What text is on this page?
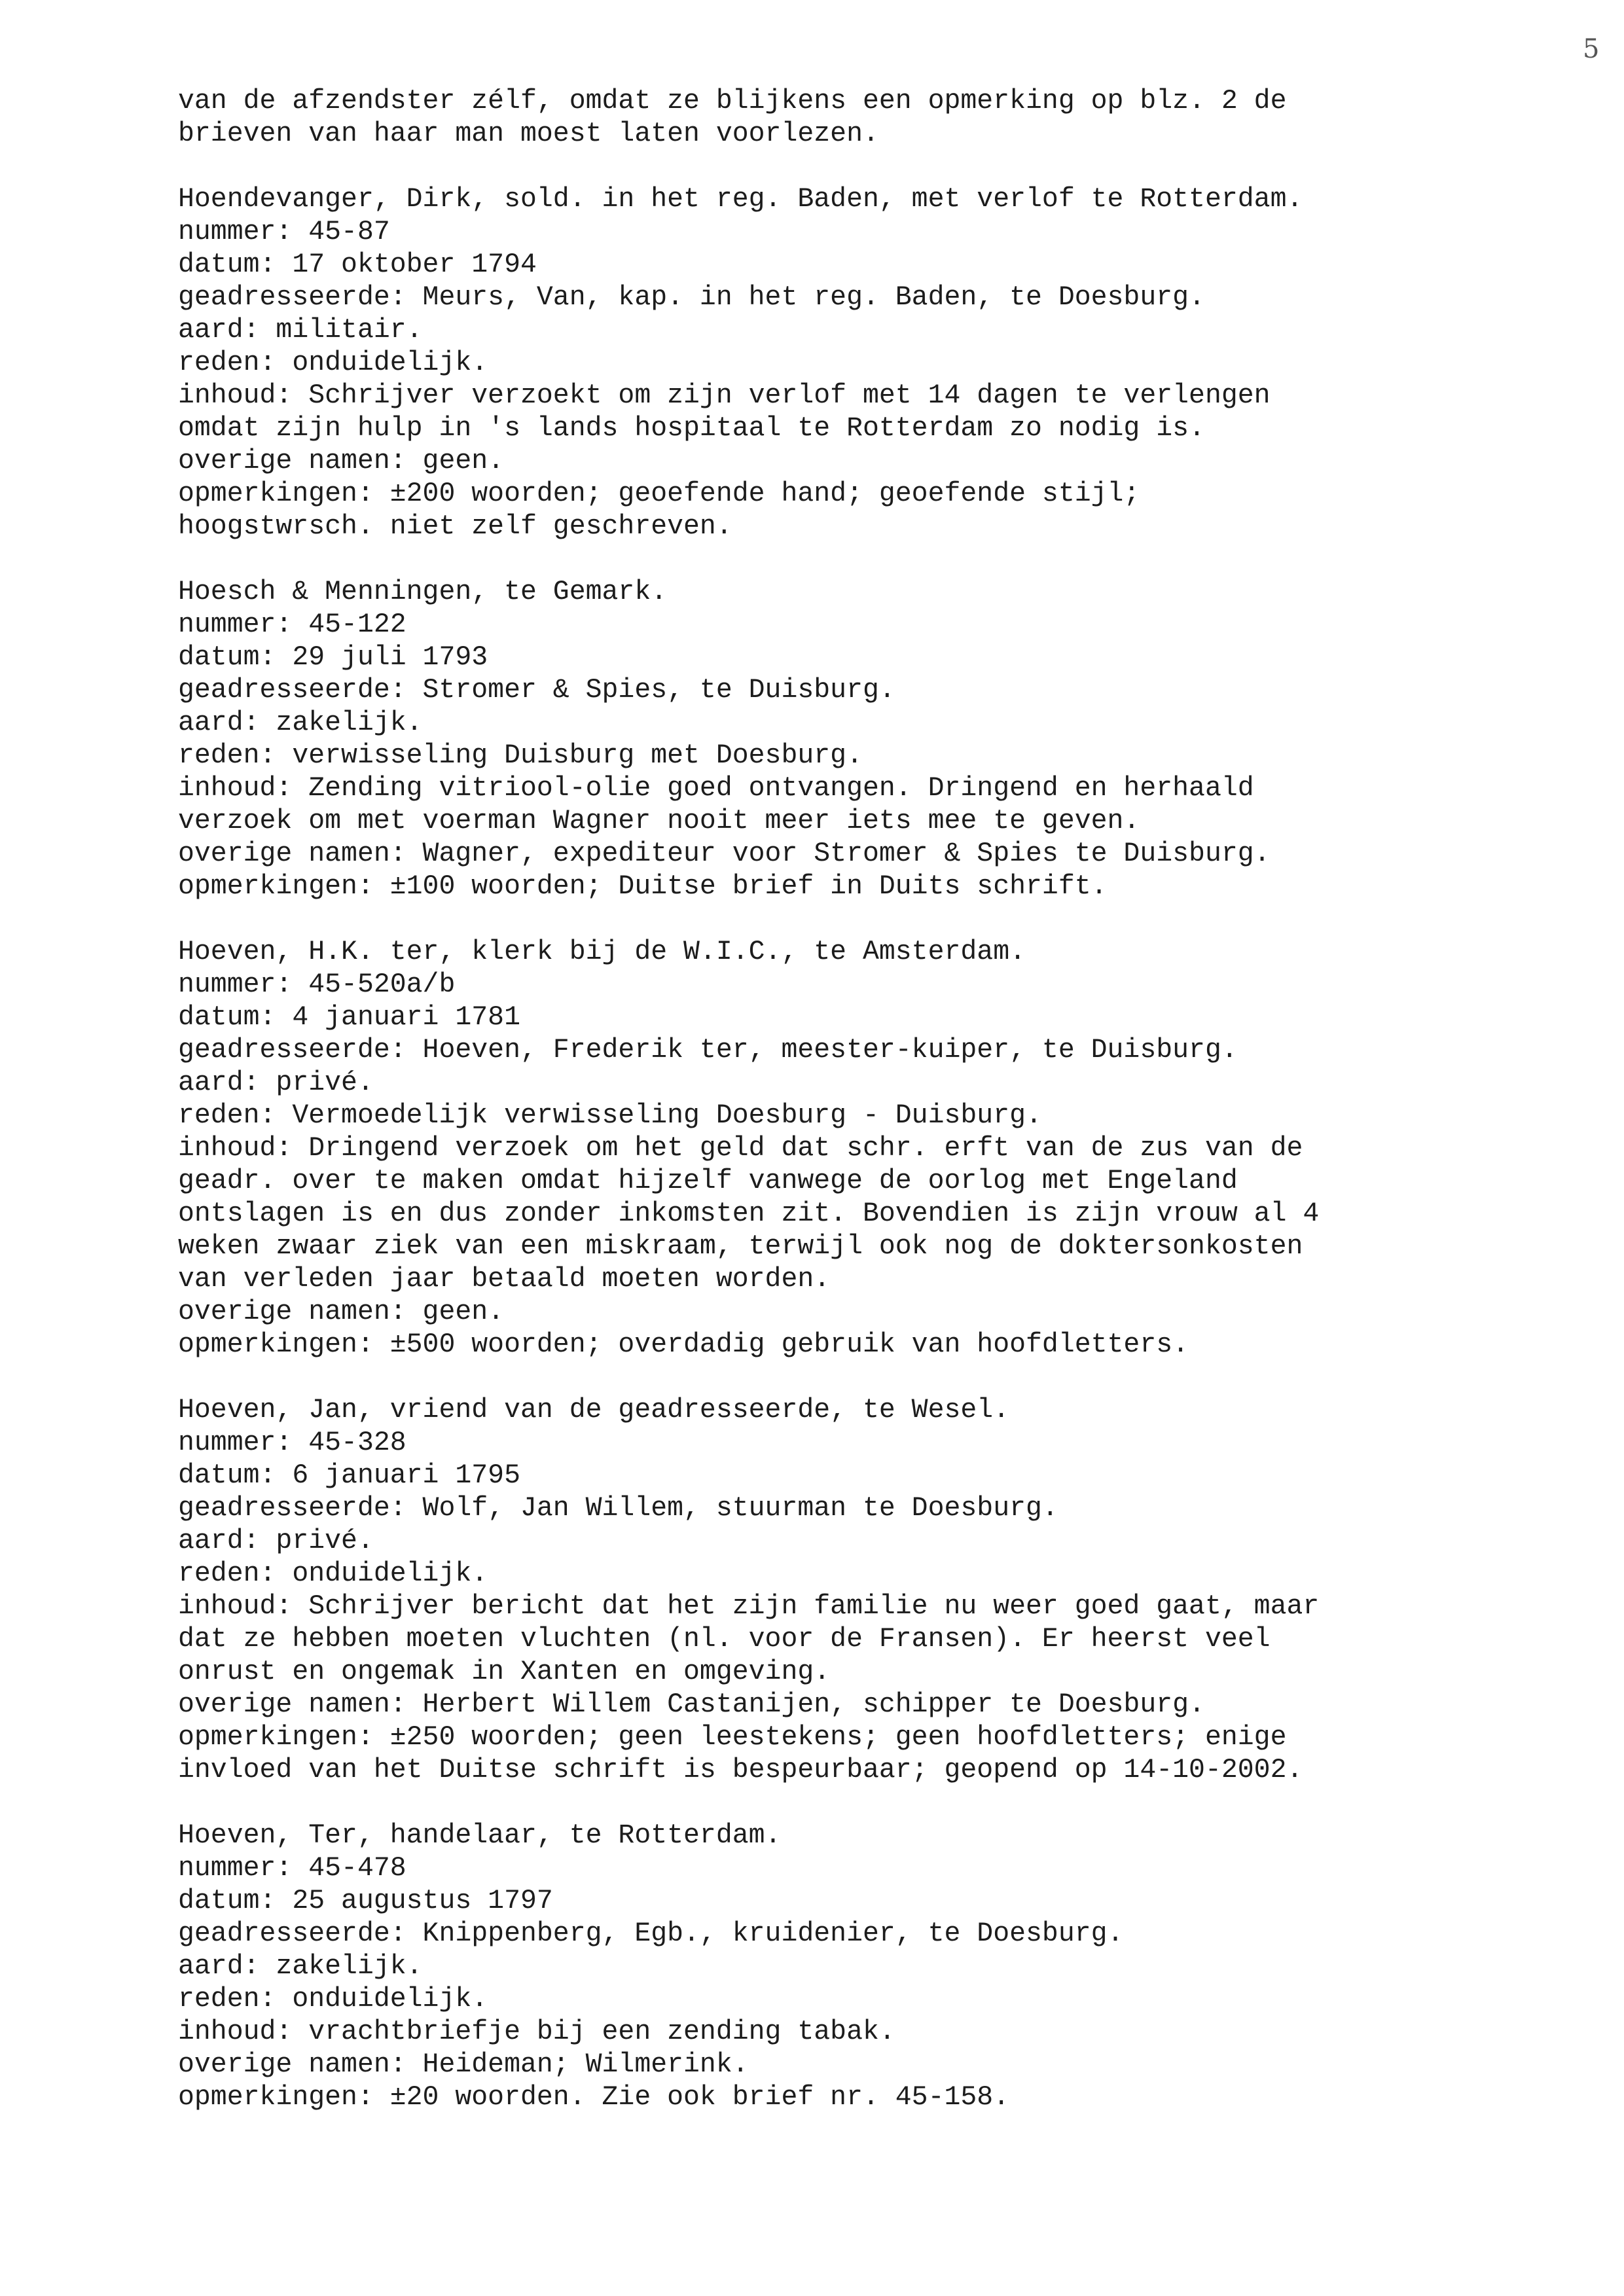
5
van de afzendster zélf, omdat ze blijkens een opmerking op blz. 2 de
brieven van haar man moest laten voorlezen.
Hoendevanger, Dirk, sold. in het reg. Baden, met verlof te Rotterdam.
nummer: 45-87
datum: 17 oktober 1794
geadresseerde: Meurs, Van, kap. in het reg. Baden, te Doesburg.
aard: militair.
reden: onduidelijk.
inhoud: Schrijver verzoekt om zijn verlof met 14 dagen te verlengen
omdat zijn hulp in 's lands hospitaal te Rotterdam zo nodig is.
overige namen: geen.
opmerkingen: ±200 woorden; geoefende hand; geoefende stijl;
hoogstwrsch. niet zelf geschreven.
Hoesch & Menningen, te Gemark.
nummer: 45-122
datum: 29 juli 1793
geadresseerde: Stromer & Spies, te Duisburg.
aard: zakelijk.
reden: verwisseling Duisburg met Doesburg.
inhoud: Zending vitriool-olie goed ontvangen. Dringend en herhaald
verzoek om met voerman Wagner nooit meer iets mee te geven.
overige namen: Wagner, expediteur voor Stromer & Spies te Duisburg.
opmerkingen: ±100 woorden; Duitse brief in Duits schrift.
Hoeven, H.K. ter, klerk bij de W.I.C., te Amsterdam.
nummer: 45-520a/b
datum: 4 januari 1781
geadresseerde: Hoeven, Frederik ter, meester-kuiper, te Duisburg.
aard: privé.
reden: Vermoedelijk verwisseling Doesburg - Duisburg.
inhoud: Dringend verzoek om het geld dat schr. erft van de zus van de
geadr. over te maken omdat hijzelf vanwege de oorlog met Engeland
ontslagen is en dus zonder inkomsten zit. Bovendien is zijn vrouw al 4
weken zwaar ziek van een miskraam, terwijl ook nog de doktersonkosten
van verleden jaar betaald moeten worden.
overige namen: geen.
opmerkingen: ±500 woorden; overdadig gebruik van hoofdletters.
Hoeven, Jan, vriend van de geadresseerde, te Wesel.
nummer: 45-328
datum: 6 januari 1795
geadresseerde: Wolf, Jan Willem, stuurman te Doesburg.
aard: privé.
reden: onduidelijk.
inhoud: Schrijver bericht dat het zijn familie nu weer goed gaat, maar
dat ze hebben moeten vluchten (nl. voor de Fransen). Er heerst veel
onrust en ongemak in Xanten en omgeving.
overige namen: Herbert Willem Castanijen, schipper te Doesburg.
opmerkingen: ±250 woorden; geen leestekens; geen hoofdletters; enige
invloed van het Duitse schrift is bespeurbaar; geopend op 14-10-2002.
Hoeven, Ter, handelaar, te Rotterdam.
nummer: 45-478
datum: 25 augustus 1797
geadresseerde: Knippenberg, Egb., kruidenier, te Doesburg.
aard: zakelijk.
reden: onduidelijk.
inhoud: vrachtbriefje bij een zending tabak.
overige namen: Heideman; Wilmerink.
opmerkingen: ±20 woorden. Zie ook brief nr. 45-158.
